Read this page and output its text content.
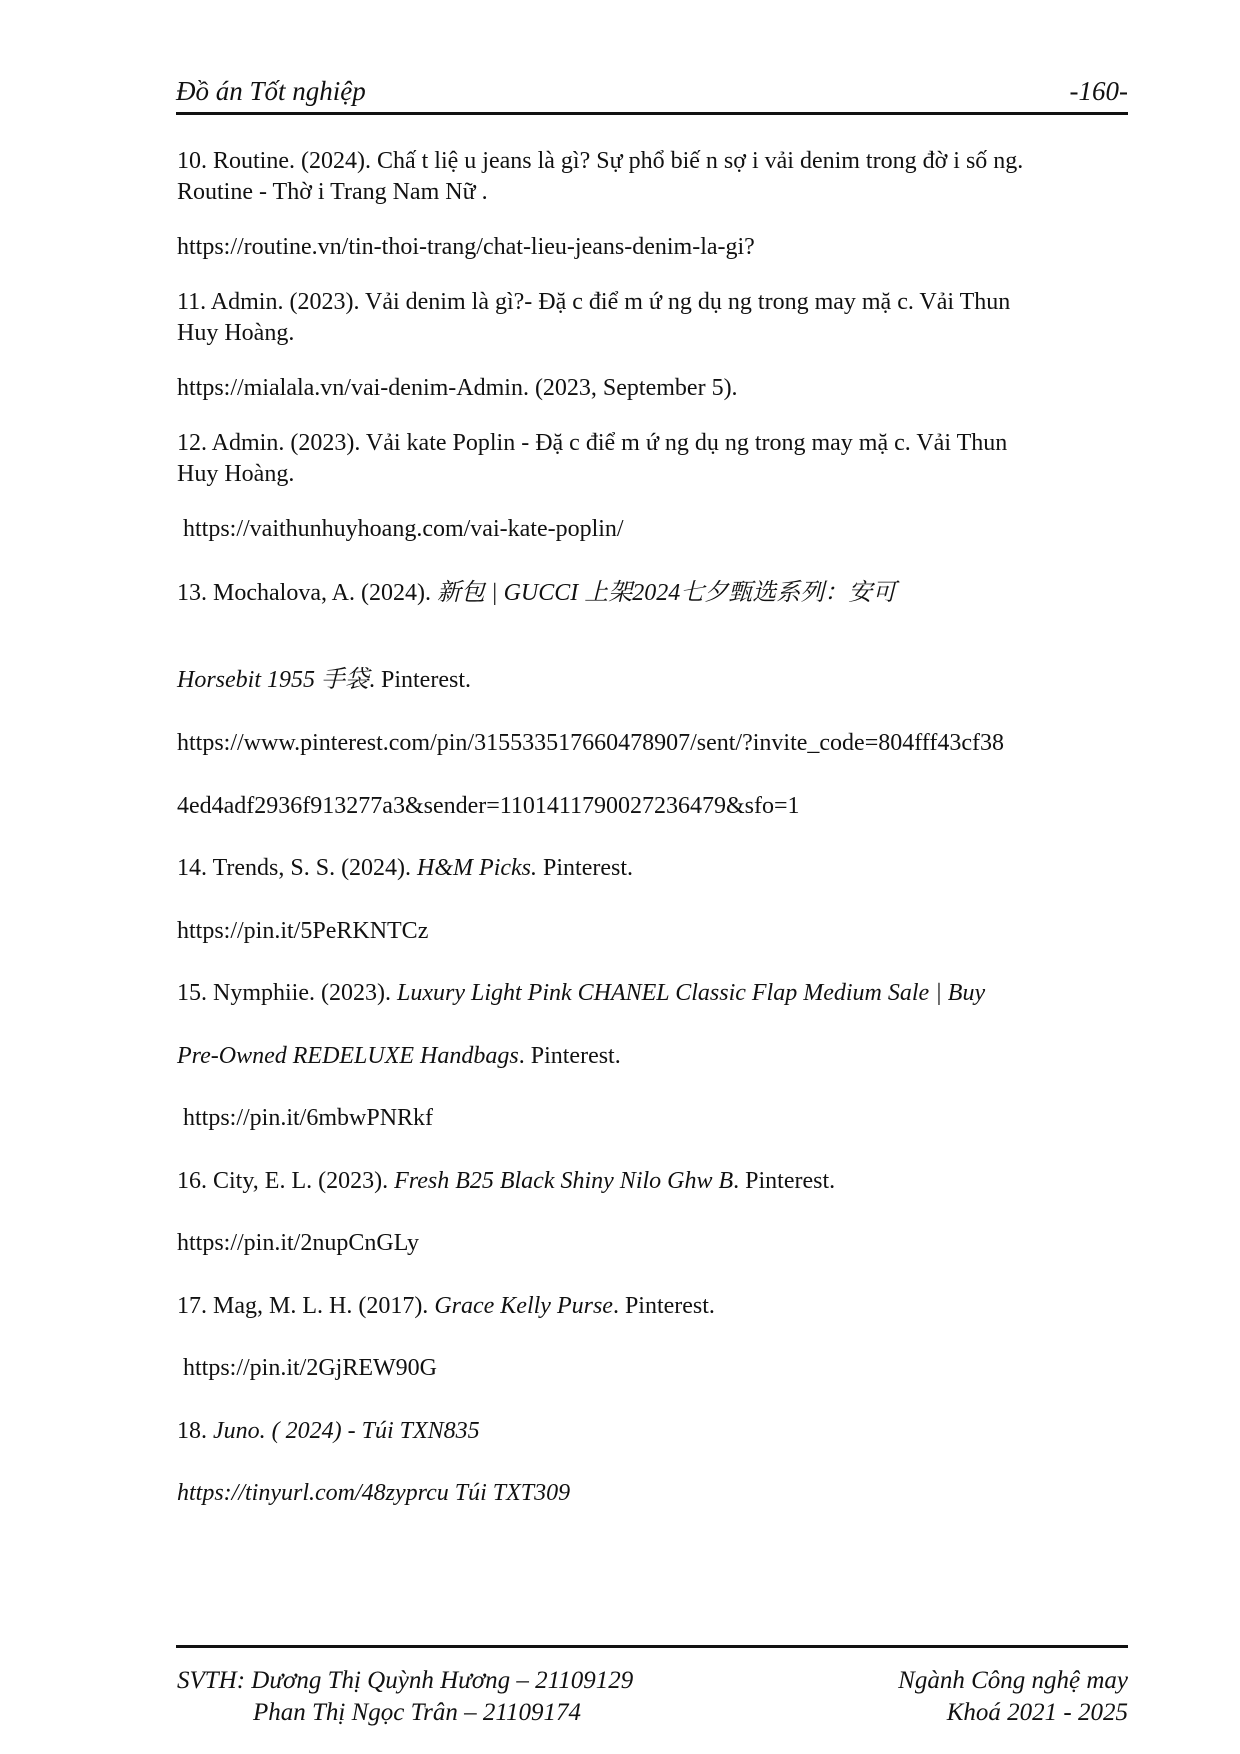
Đồ án Tốt nghiệp	-160-
10. Routine. (2024). Chấ t liệ u jeans là gì? Sự phổ biế n sợ i vải denim trong đờ i số ng.
Routine - Thờ i Trang Nam Nữ .
https://routine.vn/tin-thoi-trang/chat-lieu-jeans-denim-la-gi?
11. Admin. (2023). Vải denim là gì?- Đặ c điể m ứ ng dụ ng trong may mặ c. Vải Thun
Huy Hoàng.
https://mialala.vn/vai-denim-Admin. (2023, September 5).
12. Admin. (2023). Vải kate Poplin - Đặ c điể m ứ ng dụ ng trong may mặ c. Vải Thun
Huy Hoàng.
https://vaithunhuyhoang.com/vai-kate-poplin/
13. Mochalova, A. (2024). 新包 | GUCCI 上架2024七夕甄选系列：安可
Horsebit 1955 手袋. Pinterest.
https://www.pinterest.com/pin/315533517660478907/sent/?invite_code=804fff43cf38
4ed4adf2936f913277a3&sender=1101411790027236479&sfo=1
14. Trends, S. S. (2024). H&M Picks. Pinterest.
https://pin.it/5PeRKNTCz
15. Nymphiie. (2023). Luxury Light Pink CHANEL Classic Flap Medium Sale | Buy
Pre-Owned REDELUXE Handbags. Pinterest.
https://pin.it/6mbwPNRkf
16. City, E. L. (2023). Fresh B25 Black Shiny Nilo Ghw B. Pinterest.
https://pin.it/2nupCnGLy
17. Mag, M. L. H. (2017). Grace Kelly Purse. Pinterest.
https://pin.it/2GjREW90G
18. Juno. ( 2024) - Túi TXN835
https://tinyurl.com/48zyprcu Túi TXT309
SVTH: Dương Thị Quỳnh Hương – 21109129
Phan Thị Ngọc Trân – 21109174
Ngành Công nghệ may
Khoá 2021 - 2025
